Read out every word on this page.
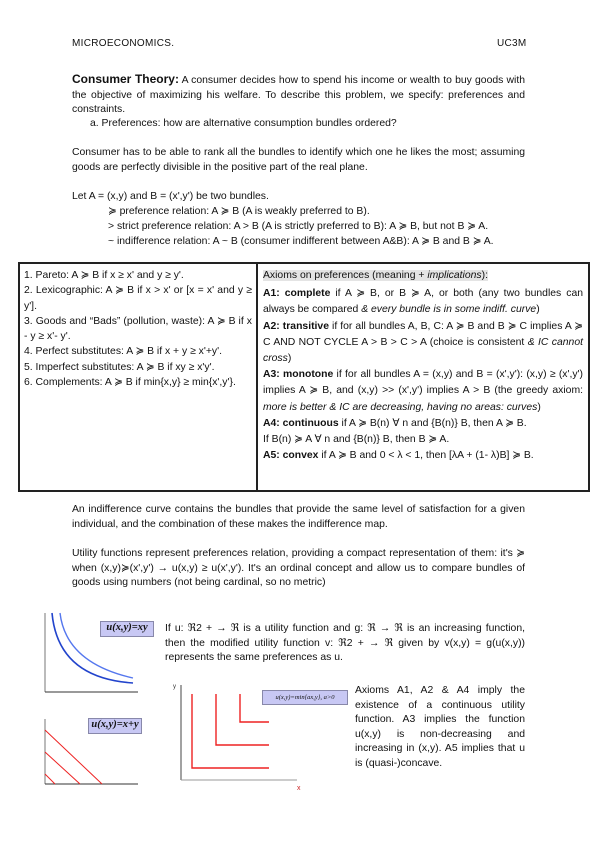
MICROECONOMICS.	UC3M
Consumer Theory: A consumer decides how to spend his income or wealth to buy goods with the objective of maximizing his welfare. To describe this problem, we specify: preferences and constraints.
a. Preferences: how are alternative consumption bundles ordered?
Consumer has to be able to rank all the bundles to identify which one he likes the most; assuming goods are perfectly divisible in the positive part of the real plane.
Let A = (x,y) and B = (x',y') be two bundles.
≽ preference relation: A ≽ B (A is weakly preferred to B).
> strict preference relation: A > B (A is strictly preferred to B): A ≽ B, but not B ≽ A.
~ indifference relation: A ~ B (consumer indifferent between A&B): A ≽ B and B ≽ A.
1. Pareto: A ≽ B if x ≥ x' and y ≥ y'.
2. Lexicographic: A ≽ B if x > x' or [x = x' and y ≥ y'].
3. Goods and “Bads” (pollution, waste): A ≽ B if x - y ≥ x'- y'.
4. Perfect substitutes: A ≽ B if x + y ≥ x'+y'.
5. Imperfect substitutes: A ≽ B if xy ≥ x'y'.
6. Complements: A ≽ B if min{x,y} ≥ min{x',y'}.
Axioms on preferences (meaning + implications):
A1: complete if A ≽ B, or B ≽ A, or both (any two bundles can always be compared & every bundle is in some indiff. curve)
A2: transitive if for all bundles A, B, C: A ≽ B and B ≽ C implies A ≽ C AND NOT CYCLE A > B > C > A (choice is consistent & IC cannot cross)
A3: monotone if for all bundles A = (x,y) and B = (x',y'): (x,y) ≥ (x',y') implies A ≽ B, and (x,y) >> (x',y') implies A > B (the greedy axiom: more is better & IC are decreasing, having no areas: curves)
A4: continuous if A ≽ B(n) ∀ n and {B(n)} B, then A ≽ B.
If B(n) ≽ A ∀ n and {B(n)} B, then B ≽ A.
A5: convex if A ≽ B and 0 < λ < 1, then [λA + (1- λ)B] ≽ B.
An indifference curve contains the bundles that provide the same level of satisfaction for a given individual, and the combination of these makes the indifference map.
Utility functions represent preferences relation, providing a compact representation of them: it's ≽ when (x,y)≽(x',y') → u(x,y) ≥ u(x',y'). It's an ordinal concept and allow us to compare bundles of goods using numbers (not being cardinal, so no metric)
u(x,y)=xy
u(x,y)=x+y
If u: ℜ2 + → ℜ is a utility function and g: ℜ → ℜ is an increasing function, then the modified utility function v: ℜ2 + → ℜ given by v(x,y) = g(u(x,y)) represents the same preferences as u.
y
x
u(x,y)=min{ax,y}, a>0
Axioms A1, A2 & A4 imply the existence of a continuous utility function. A3 implies the function u(x,y) is non-decreasing and increasing in (x,y). A5 implies that u is (quasi-)concave.
